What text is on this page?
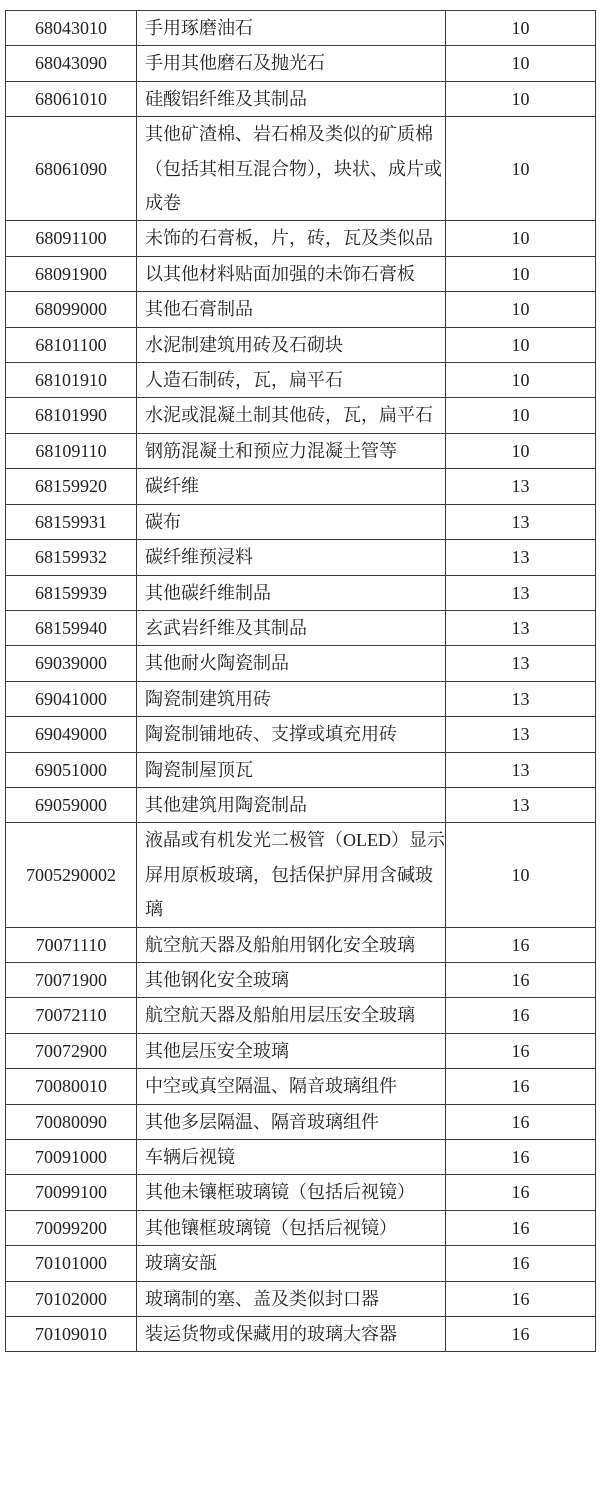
68043010	手用琢磨油石	10
68043090	手用其他磨石及抛光石	10
68061010	硅酸铝纤维及其制品	10
68061090	其他矿渣棉、岩石棉及类似的矿质棉（包括其相互混合物），块状、成片或成卷	10
68091100	未饰的石膏板，片，砖，瓦及类似品	10
68091900	以其他材料贴面加强的未饰石膏板	10
68099000	其他石膏制品	10
68101100	水泥制建筑用砖及石砌块	10
68101910	人造石制砖，瓦，扁平石	10
68101990	水泥或混凝土制其他砖，瓦，扁平石	10
68109110	钢筋混凝土和预应力混凝土管等	10
68159920	碳纤维	13
68159931	碳布	13
68159932	碳纤维预浸料	13
68159939	其他碳纤维制品	13
68159940	玄武岩纤维及其制品	13
69039000	其他耐火陶瓷制品	13
69041000	陶瓷制建筑用砖	13
69049000	陶瓷制铺地砖、支撑或填充用砖	13
69051000	陶瓷制屋顶瓦	13
69059000	其他建筑用陶瓷制品	13
7005290002	液晶或有机发光二极管（OLED）显示屏用原板玻璃，包括保护屏用含碱玻璃	10
70071110	航空航天器及船舶用钢化安全玻璃	16
70071900	其他钢化安全玻璃	16
70072110	航空航天器及船舶用层压安全玻璃	16
70072900	其他层压安全玻璃	16
70080010	中空或真空隔温、隔音玻璃组件	16
70080090	其他多层隔温、隔音玻璃组件	16
70091000	车辆后视镜	16
70099100	其他未镶框玻璃镜（包括后视镜）	16
70099200	其他镶框玻璃镜（包括后视镜）	16
70101000	玻璃安瓿	16
70102000	玻璃制的塞、盖及类似封口器	16
70109010	装运货物或保藏用的玻璃大容器	16
